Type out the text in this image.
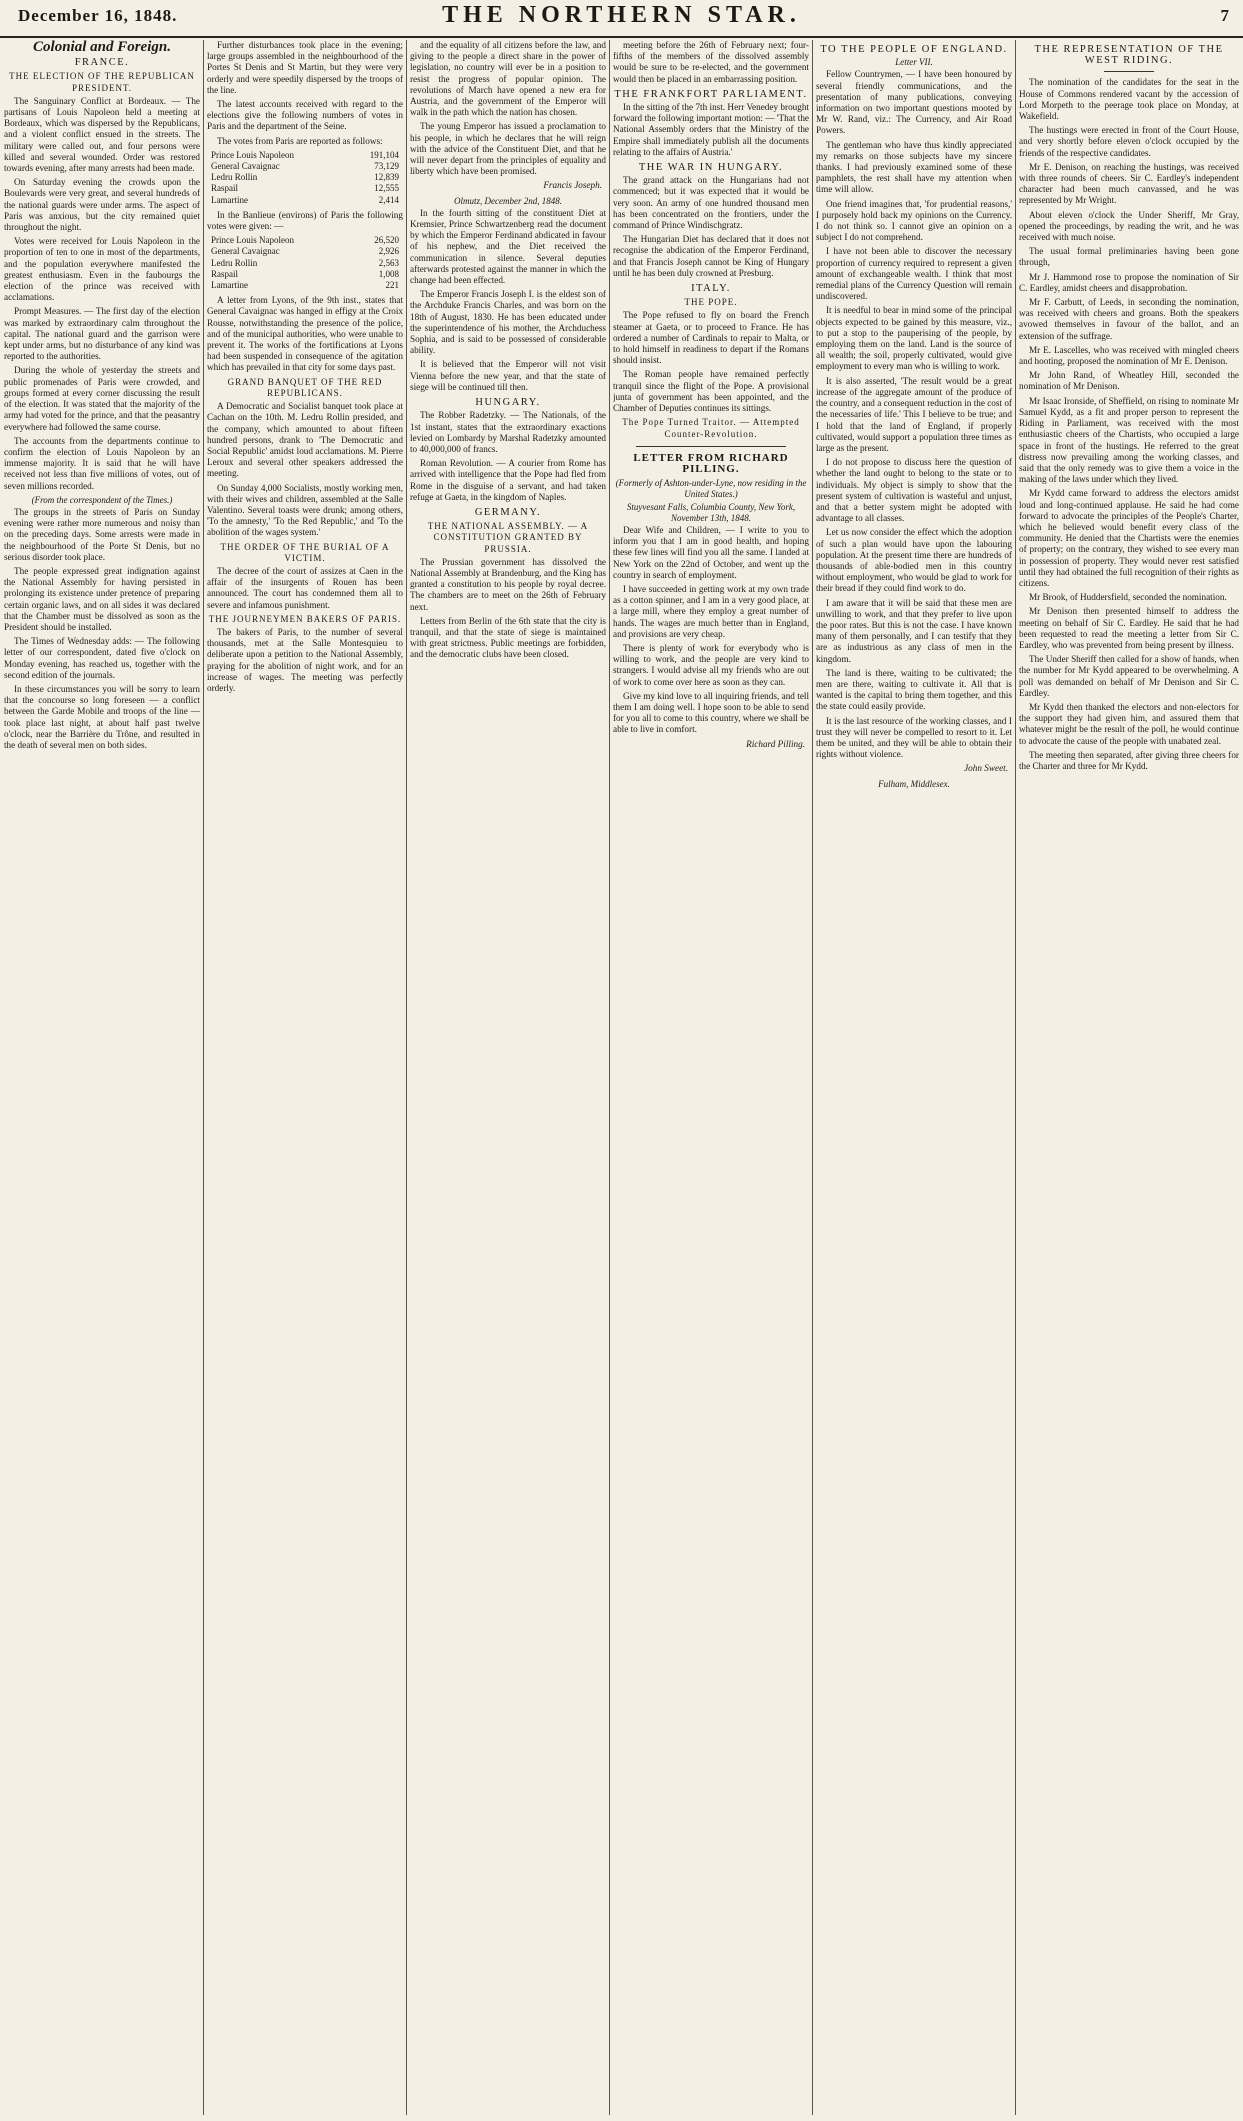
December 16, 1848.	THE NORTHERN STAR.	7
Colonial and Foreign.
FRANCE.
THE ELECTION OF THE REPUBLICAN PRESIDENT.

The Sanguinary Conflict at Bordeaux. — The partisans of Louis Napoleon held a meeting at Bordeaux, which was dispersed by the Republicans, and a violent conflict ensued in the streets. The military were called out, and four persons were killed and several wounded. Order was restored towards evening, after many arrests had been made.

On Saturday evening the crowds upon the Boulevards were very great, and several hundreds of the national guards were under arms. The aspect of Paris was anxious, but the city remained quiet throughout the night.

Votes were received for Louis Napoleon in the proportion of ten to one in most of the departments, and the population everywhere manifested the greatest enthusiasm. Even in the faubourgs the election of the prince was received with acclamations.

Prompt Measures. — The first day of the election was marked by extraordinary calm throughout the capital. The national guard and the garrison were kept under arms, but no disturbance of any kind was reported to the authorities.

During the whole of yesterday the streets and public promenades of Paris were crowded, and groups formed at every corner discussing the result of the election. It was stated that the majority of the army had voted for the prince, and that the peasantry everywhere had followed the same course.

The accounts from the departments continue to confirm the election of Louis Napoleon by an immense majority. It is said that he will have received not less than five millions of votes, out of seven millions recorded.

(From the correspondent of the Times.)

The groups in the streets of Paris on Sunday evening were rather more numerous and noisy than on the preceding days. Some arrests were made in the neighbourhood of the Porte St Denis, but no serious disorder took place.

The people expressed great indignation against the National Assembly for having persisted in prolonging its existence under pretence of preparing certain organic laws, and on all sides it was declared that the Chamber must be dissolved as soon as the President should be installed.

The Times of Wednesday adds: — The following letter of our correspondent, dated five o'clock on Monday evening, has reached us, together with the second edition of the journals.

In these circumstances you will be sorry to learn that the concourse so long foreseen — a conflict between the Garde Mobile and troops of the line — took place last night, at about half past twelve o'clock, near the Barrière du Trône, and resulted in the death of several men on both sides.

Further disturbances took place in the evening; large groups assembled in the neighbourhood of the Portes St Denis and St Martin, but they were very orderly and were speedily dispersed by the troops of the line.

The latest accounts received with regard to the elections give the following numbers of votes in Paris and the department of the Seine.

The votes from Paris are reported as follows:

Prince Louis Napoleon	191,104
General Cavaignac	73,129
Ledru Rollin	12,839
Raspail	12,555
Lamartine	2,414

In the Banlieue (environs) of Paris the following votes were given: —

Prince Louis Napoleon	26,520
General Cavaignac	2,926
Ledru Rollin	2,563
Raspail	1,008
Lamartine	221

A letter from Lyons, of the 9th inst., states that General Cavaignac was hanged in effigy at the Croix Rousse, notwithstanding the presence of the police, and of the municipal authorities, who were unable to prevent it. The works of the fortifications at Lyons had been suspended in consequence of the agitation which has prevailed in that city for some days past.

GRAND BANQUET OF THE RED REPUBLICANS.

A Democratic and Socialist banquet took place at Cachan on the 10th. M. Ledru Rollin presided, and the company, which amounted to about fifteen hundred persons, drank to 'The Democratic and Social Republic' amidst loud acclamations. M. Pierre Leroux and several other speakers addressed the meeting.

On Sunday 4,000 Socialists, mostly working men, with their wives and children, assembled at the Salle Valentino. Several toasts were drunk; among others, 'To the amnesty,' 'To the Red Republic,' and 'To the abolition of the wages system.'

THE ORDER OF THE BURIAL OF A VICTIM.

The decree of the court of assizes at Caen in the affair of the insurgents of Rouen has been announced. The court has condemned them all to severe and infamous punishment.

THE JOURNEYMEN BAKERS OF PARIS.

The bakers of Paris, to the number of several thousands, met at the Salle Montesquieu to deliberate upon a petition to the National Assembly, praying for the abolition of night work, and for an increase of wages. The meeting was perfectly orderly.

and the equality of all citizens before the law, and giving to the people a direct share in the power of legislation, no country will ever be in a position to resist the progress of popular opinion. The revolutions of March have opened a new era for Austria, and the government of the Emperor will walk in the path which the nation has chosen.

The young Emperor has issued a proclamation to his people, in which he declares that he will reign with the advice of the Constituent Diet, and that he will never depart from the principles of equality and liberty which have been promised.

Francis Joseph.
Olmutz, December 2nd, 1848.

In the fourth sitting of the constituent Diet at Kremsier, Prince Schwartzenberg read the document by which the Emperor Ferdinand abdicated in favour of his nephew, and the Diet received the communication in silence. Several deputies afterwards protested against the manner in which the change had been effected.

The Emperor Francis Joseph I. is the eldest son of the Archduke Francis Charles, and was born on the 18th of August, 1830. He has been educated under the superintendence of his mother, the Archduchess Sophia, and is said to be possessed of considerable ability.

It is believed that the Emperor will not visit Vienna before the new year, and that the state of siege will be continued till then.

HUNGARY.

The Robber Radetzky. — The Nationals, of the 1st instant, states that the extraordinary exactions levied on Lombardy by Marshal Radetzky amounted to 40,000,000 of francs.

Roman Revolution. — A courier from Rome has arrived with intelligence that the Pope had fled from Rome in the disguise of a servant, and had taken refuge at Gaeta, in the kingdom of Naples.

GERMANY.
THE NATIONAL ASSEMBLY. — A CONSTITUTION GRANTED BY PRUSSIA.

The Prussian government has dissolved the National Assembly at Brandenburg, and the King has granted a constitution to his people by royal decree. The chambers are to meet on the 26th of February next.

Letters from Berlin of the 6th state that the city is tranquil, and that the state of siege is maintained with great strictness. Public meetings are forbidden, and the democratic clubs have been closed.

meeting before the 26th of February next; four-fifths of the members of the dissolved assembly would be sure to be re-elected, and the government would then be placed in an embarrassing position.

THE FRANKFORT PARLIAMENT.

In the sitting of the 7th inst. Herr Venedey brought forward the following important motion: — 'That the National Assembly orders that the Ministry of the Empire shall immediately publish all the documents relating to the affairs of Austria.'

THE WAR IN HUNGARY.

The grand attack on the Hungarians had not commenced; but it was expected that it would be very soon. An army of one hundred thousand men has been concentrated on the frontiers, under the command of Prince Windischgratz.

The Hungarian Diet has declared that it does not recognise the abdication of the Emperor Ferdinand, and that Francis Joseph cannot be King of Hungary until he has been duly crowned at Presburg.

ITALY.
THE POPE.

The Pope refused to fly on board the French steamer at Gaeta, or to proceed to France. He has ordered a number of Cardinals to repair to Malta, or to hold himself in readiness to depart if the Romans should insist.

The Roman people have remained perfectly tranquil since the flight of the Pope. A provisional junta of government has been appointed, and the Chamber of Deputies continues its sittings.

The Pope Turned Traitor. — Attempted Counter-Revolution.
LETTER FROM RICHARD PILLING.
(Formerly of Ashton-under-Lyne, now residing in the United States.)
Stuyvesant Falls, Columbia County, New York, November 13th, 1848.

Dear Wife and Children, — I write to you to inform you that I am in good health, and hoping these few lines will find you all the same. I landed at New York on the 22nd of October, and went up the country in search of employment.

I have succeeded in getting work at my own trade as a cotton spinner, and I am in a very good place, at a large mill, where they employ a great number of hands. The wages are much better than in England, and provisions are very cheap.

There is plenty of work for everybody who is willing to work, and the people are very kind to strangers. I would advise all my friends who are out of work to come over here as soon as they can.

Give my kind love to all inquiring friends, and tell them I am doing well. I hope soon to be able to send for you all to come to this country, where we shall be able to live in comfort.

Richard Pilling.
TO THE PEOPLE OF ENGLAND.
Letter VII.

Fellow Countrymen, — I have been honoured by several friendly communications, and the presentation of many publications, conveying information on two important questions mooted by Mr W. Rand, viz.: The Currency, and Air Road Powers.

The gentleman who have thus kindly appreciated my remarks on those subjects have my sincere thanks. I had previously examined some of these pamphlets, the rest shall have my attention when time will allow.

One friend imagines that, 'for prudential reasons,' I purposely hold back my opinions on the Currency. I do not think so. I cannot give an opinion on a subject I do not comprehend.

I have not been able to discover the necessary proportion of currency required to represent a given amount of exchangeable wealth. I think that most remedial plans of the Currency Question will remain undiscovered.

It is needful to bear in mind some of the principal objects expected to be gained by this measure, viz., to put a stop to the pauperising of the people, by employing them on the land. Land is the source of all wealth; the soil, properly cultivated, would give employment to every man who is willing to work.

It is also asserted, 'The result would be a great increase of the aggregate amount of the produce of the country, and a consequent reduction in the cost of the necessaries of life.' This I believe to be true; and I hold that the land of England, if properly cultivated, would support a population three times as large as the present.

I do not propose to discuss here the question of whether the land ought to belong to the state or to individuals. My object is simply to show that the present system of cultivation is wasteful and unjust, and that a better system might be adopted with advantage to all classes.

Let us now consider the effect which the adoption of such a plan would have upon the labouring population. At the present time there are hundreds of thousands of able-bodied men in this country without employment, who would be glad to work for their bread if they could find work to do.

I am aware that it will be said that these men are unwilling to work, and that they prefer to live upon the poor rates. But this is not the case. I have known many of them personally, and I can testify that they are as industrious as any class of men in the kingdom.

The land is there, waiting to be cultivated; the men are there, waiting to cultivate it. All that is wanted is the capital to bring them together, and this the state could easily provide.

It is the last resource of the working classes, and I trust they will never be compelled to resort to it. Let them be united, and they will be able to obtain their rights without violence.

John Sweet.
Fulham, Middlesex.
THE REPRESENTATION OF THE WEST RIDING.

The nomination of the candidates for the seat in the House of Commons rendered vacant by the accession of Lord Morpeth to the peerage took place on Monday, at Wakefield.

The hustings were erected in front of the Court House, and very shortly before eleven o'clock occupied by the friends of the respective candidates.

Mr E. Denison, on reaching the hustings, was received with three rounds of cheers. Sir C. Eardley's independent character had been much canvassed, and he was represented by Mr Wright.

About eleven o'clock the Under Sheriff, Mr Gray, opened the proceedings, by reading the writ, and he was received with much noise.

The usual formal preliminaries having been gone through,

Mr J. Hammond rose to propose the nomination of Sir C. Eardley, amidst cheers and disapprobation.

Mr F. Carbutt, of Leeds, in seconding the nomination, was received with cheers and groans. Both the speakers avowed themselves in favour of the ballot, and an extension of the suffrage.

Mr E. Lascelles, who was received with mingled cheers and hooting, proposed the nomination of Mr E. Denison.

Mr John Rand, of Wheatley Hill, seconded the nomination of Mr Denison.

Mr Isaac Ironside, of Sheffield, on rising to nominate Mr Samuel Kydd, as a fit and proper person to represent the Riding in Parliament, was received with the most enthusiastic cheers of the Chartists, who occupied a large space in front of the hustings. He referred to the great distress now prevailing among the working classes, and said that the only remedy was to give them a voice in the making of the laws under which they lived.

Mr Kydd came forward to address the electors amidst loud and long-continued applause. He said he had come forward to advocate the principles of the People's Charter, which he believed would benefit every class of the community. He denied that the Chartists were the enemies of property; on the contrary, they wished to see every man in possession of property. They would never rest satisfied until they had obtained the full recognition of their rights as citizens.

Mr Brook, of Huddersfield, seconded the nomination.

Mr Denison then presented himself to address the meeting on behalf of Sir C. Eardley. He said that he had been requested to read the meeting a letter from Sir C. Eardley, who was prevented from being present by illness.

The Under Sheriff then called for a show of hands, when the number for Mr Kydd appeared to be overwhelming. A poll was demanded on behalf of Mr Denison and Sir C. Eardley.

Mr Kydd then thanked the electors and non-electors for the support they had given him, and assured them that whatever might be the result of the poll, he would continue to advocate the cause of the people with unabated zeal.

The meeting then separated, after giving three cheers for the Charter and three for Mr Kydd.
